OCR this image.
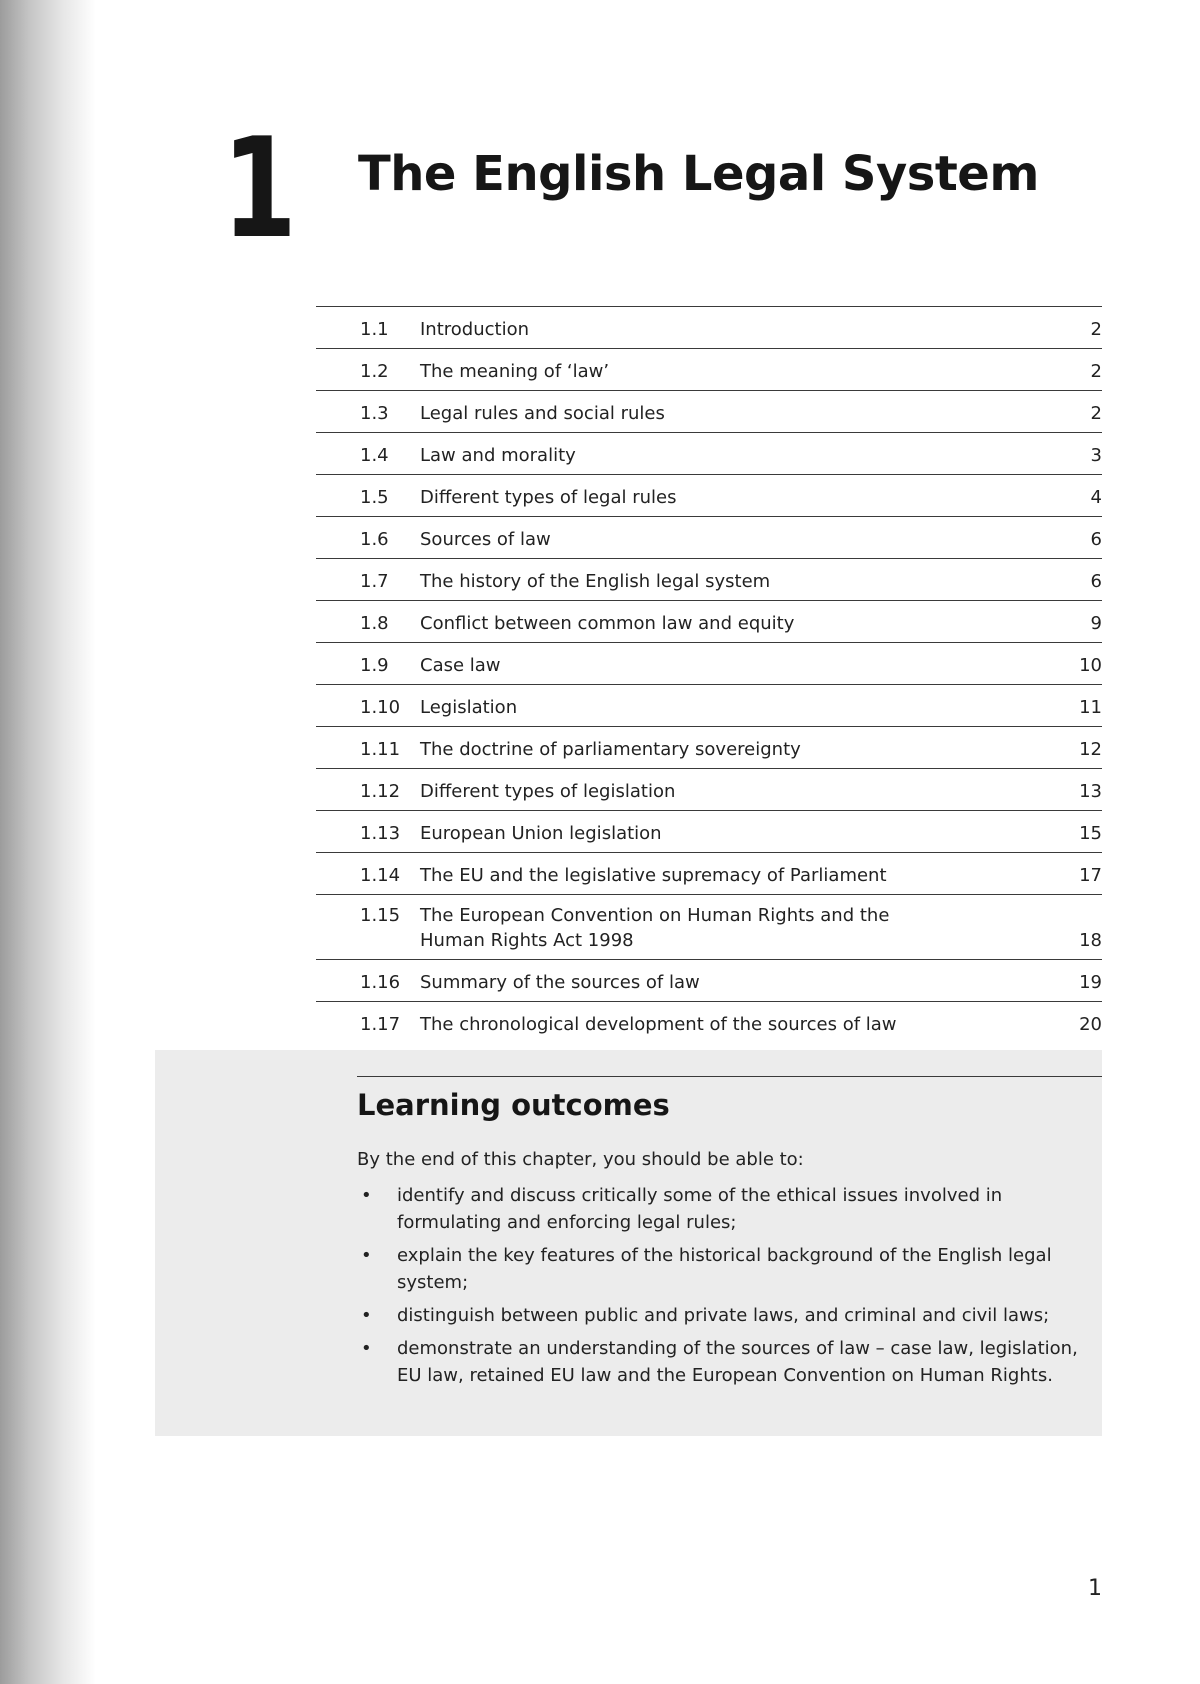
1 The English Legal System
1.1	Introduction	2
1.2	The meaning of ‘law’	2
1.3	Legal rules and social rules	2
1.4	Law and morality	3
1.5	Different types of legal rules	4
1.6	Sources of law	6
1.7	The history of the English legal system	6
1.8	Conflict between common law and equity	9
1.9	Case law	10
1.10	Legislation	11
1.11	The doctrine of parliamentary sovereignty	12
1.12	Different types of legislation	13
1.13	European Union legislation	15
1.14	The EU and the legislative supremacy of Parliament	17
1.15	The European Convention on Human Rights and the
Human Rights Act 1998	18
1.16	Summary of the sources of law	19
1.17	The chronological development of the sources of law	20
Learning outcomes

By the end of this chapter, you should be able to:

• identify and discuss critically some of the ethical issues involved in formulating and enforcing legal rules;
• explain the key features of the historical background of the English legal system;
• distinguish between public and private laws, and criminal and civil laws;
• demonstrate an understanding of the sources of law – case law, legislation, EU law, retained EU law and the European Convention on Human Rights.
1
